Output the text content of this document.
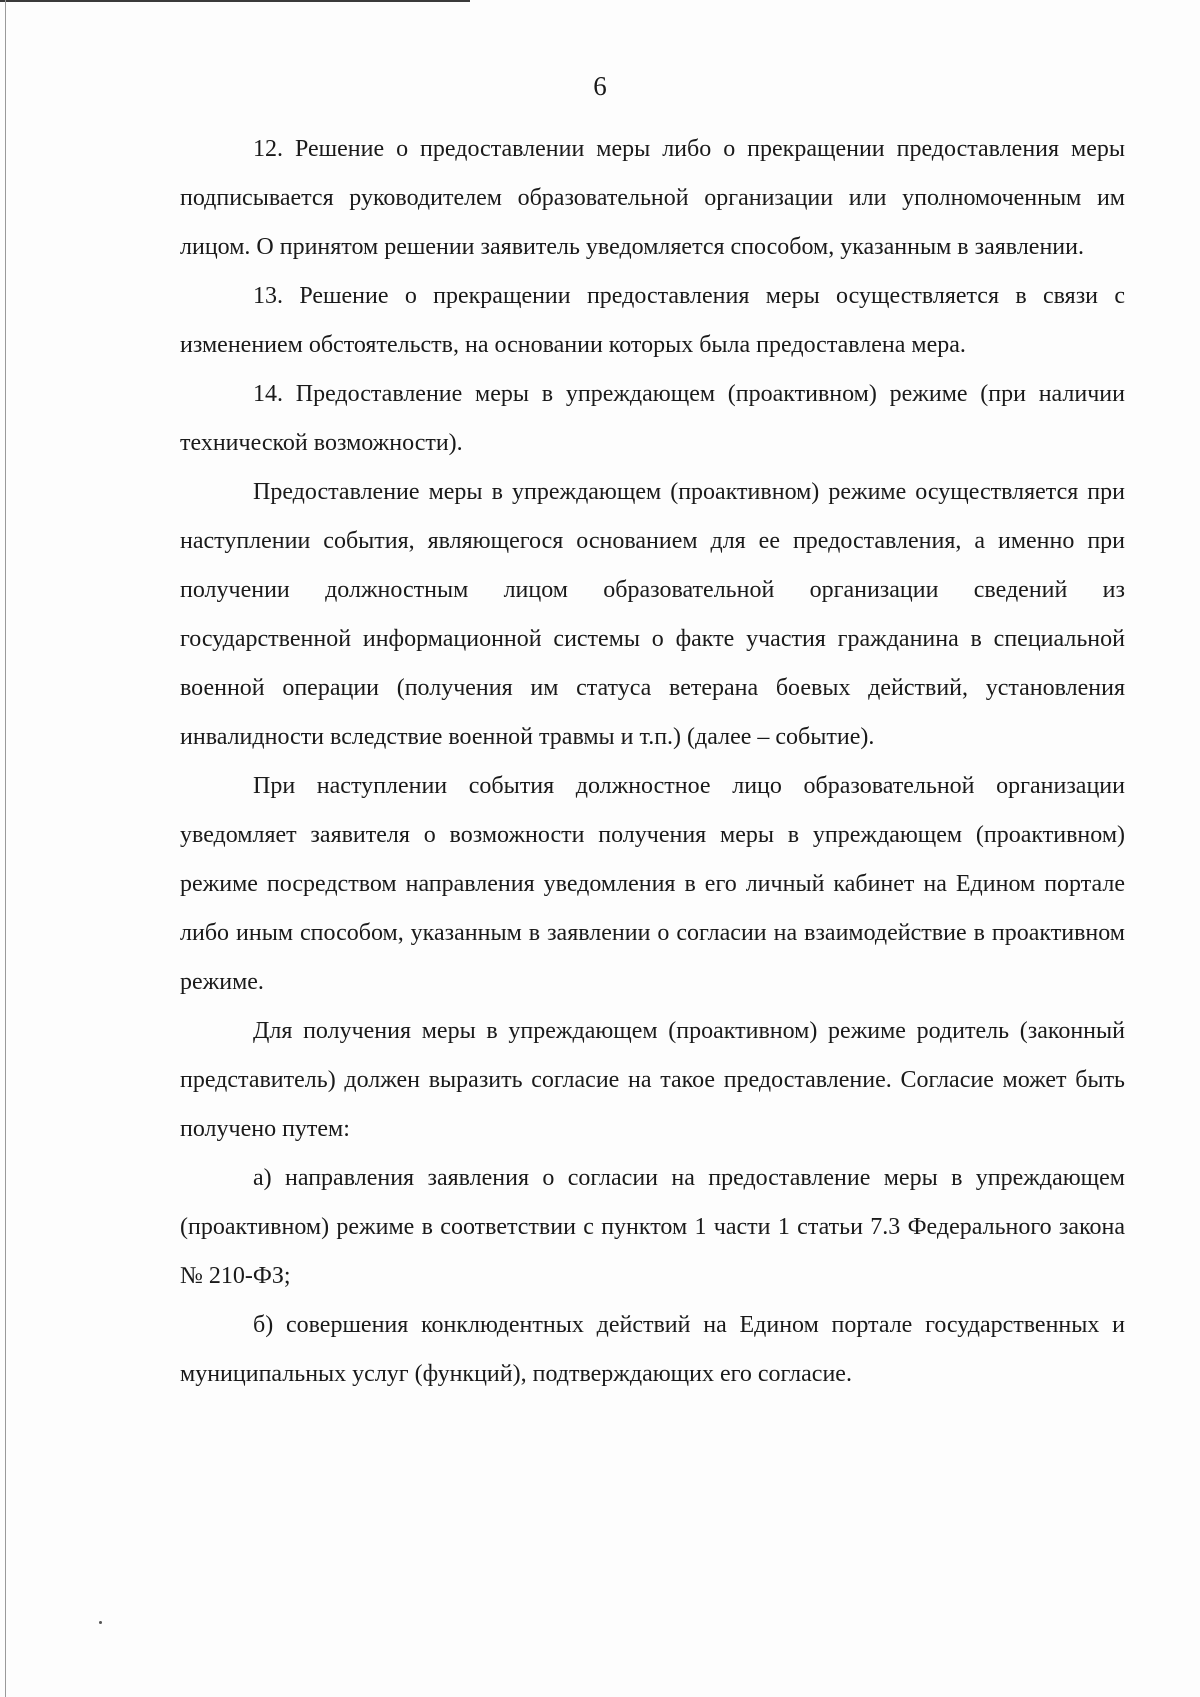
6

12. Решение о предоставлении меры либо о прекращении предоставления меры подписывается руководителем образовательной организации или уполномоченным им лицом. О принятом решении заявитель уведомляется способом, указанным в заявлении.

13. Решение о прекращении предоставления меры осуществляется в связи с изменением обстоятельств, на основании которых была предоставлена мера.

14. Предоставление меры в упреждающем (проактивном) режиме (при наличии технической возможности).

Предоставление меры в упреждающем (проактивном) режиме осуществляется при наступлении события, являющегося основанием для ее предоставления, а именно при получении должностным лицом образовательной организации сведений из государственной информационной системы о факте участия гражданина в специальной военной операции (получения им статуса ветерана боевых действий, установления инвалидности вследствие военной травмы и т.п.) (далее – событие).

При наступлении события должностное лицо образовательной организации уведомляет заявителя о возможности получения меры в упреждающем (проактивном) режиме посредством направления уведомления в его личный кабинет на Едином портале либо иным способом, указанным в заявлении о согласии на взаимодействие в проактивном режиме.

Для получения меры в упреждающем (проактивном) режиме родитель (законный представитель) должен выразить согласие на такое предоставление. Согласие может быть получено путем:

а) направления заявления о согласии на предоставление меры в упреждающем (проактивном) режиме в соответствии с пунктом 1 части 1 статьи 7.3 Федерального закона № 210-ФЗ;

б) совершения конклюдентных действий на Едином портале государственных и муниципальных услуг (функций), подтверждающих его согласие.
